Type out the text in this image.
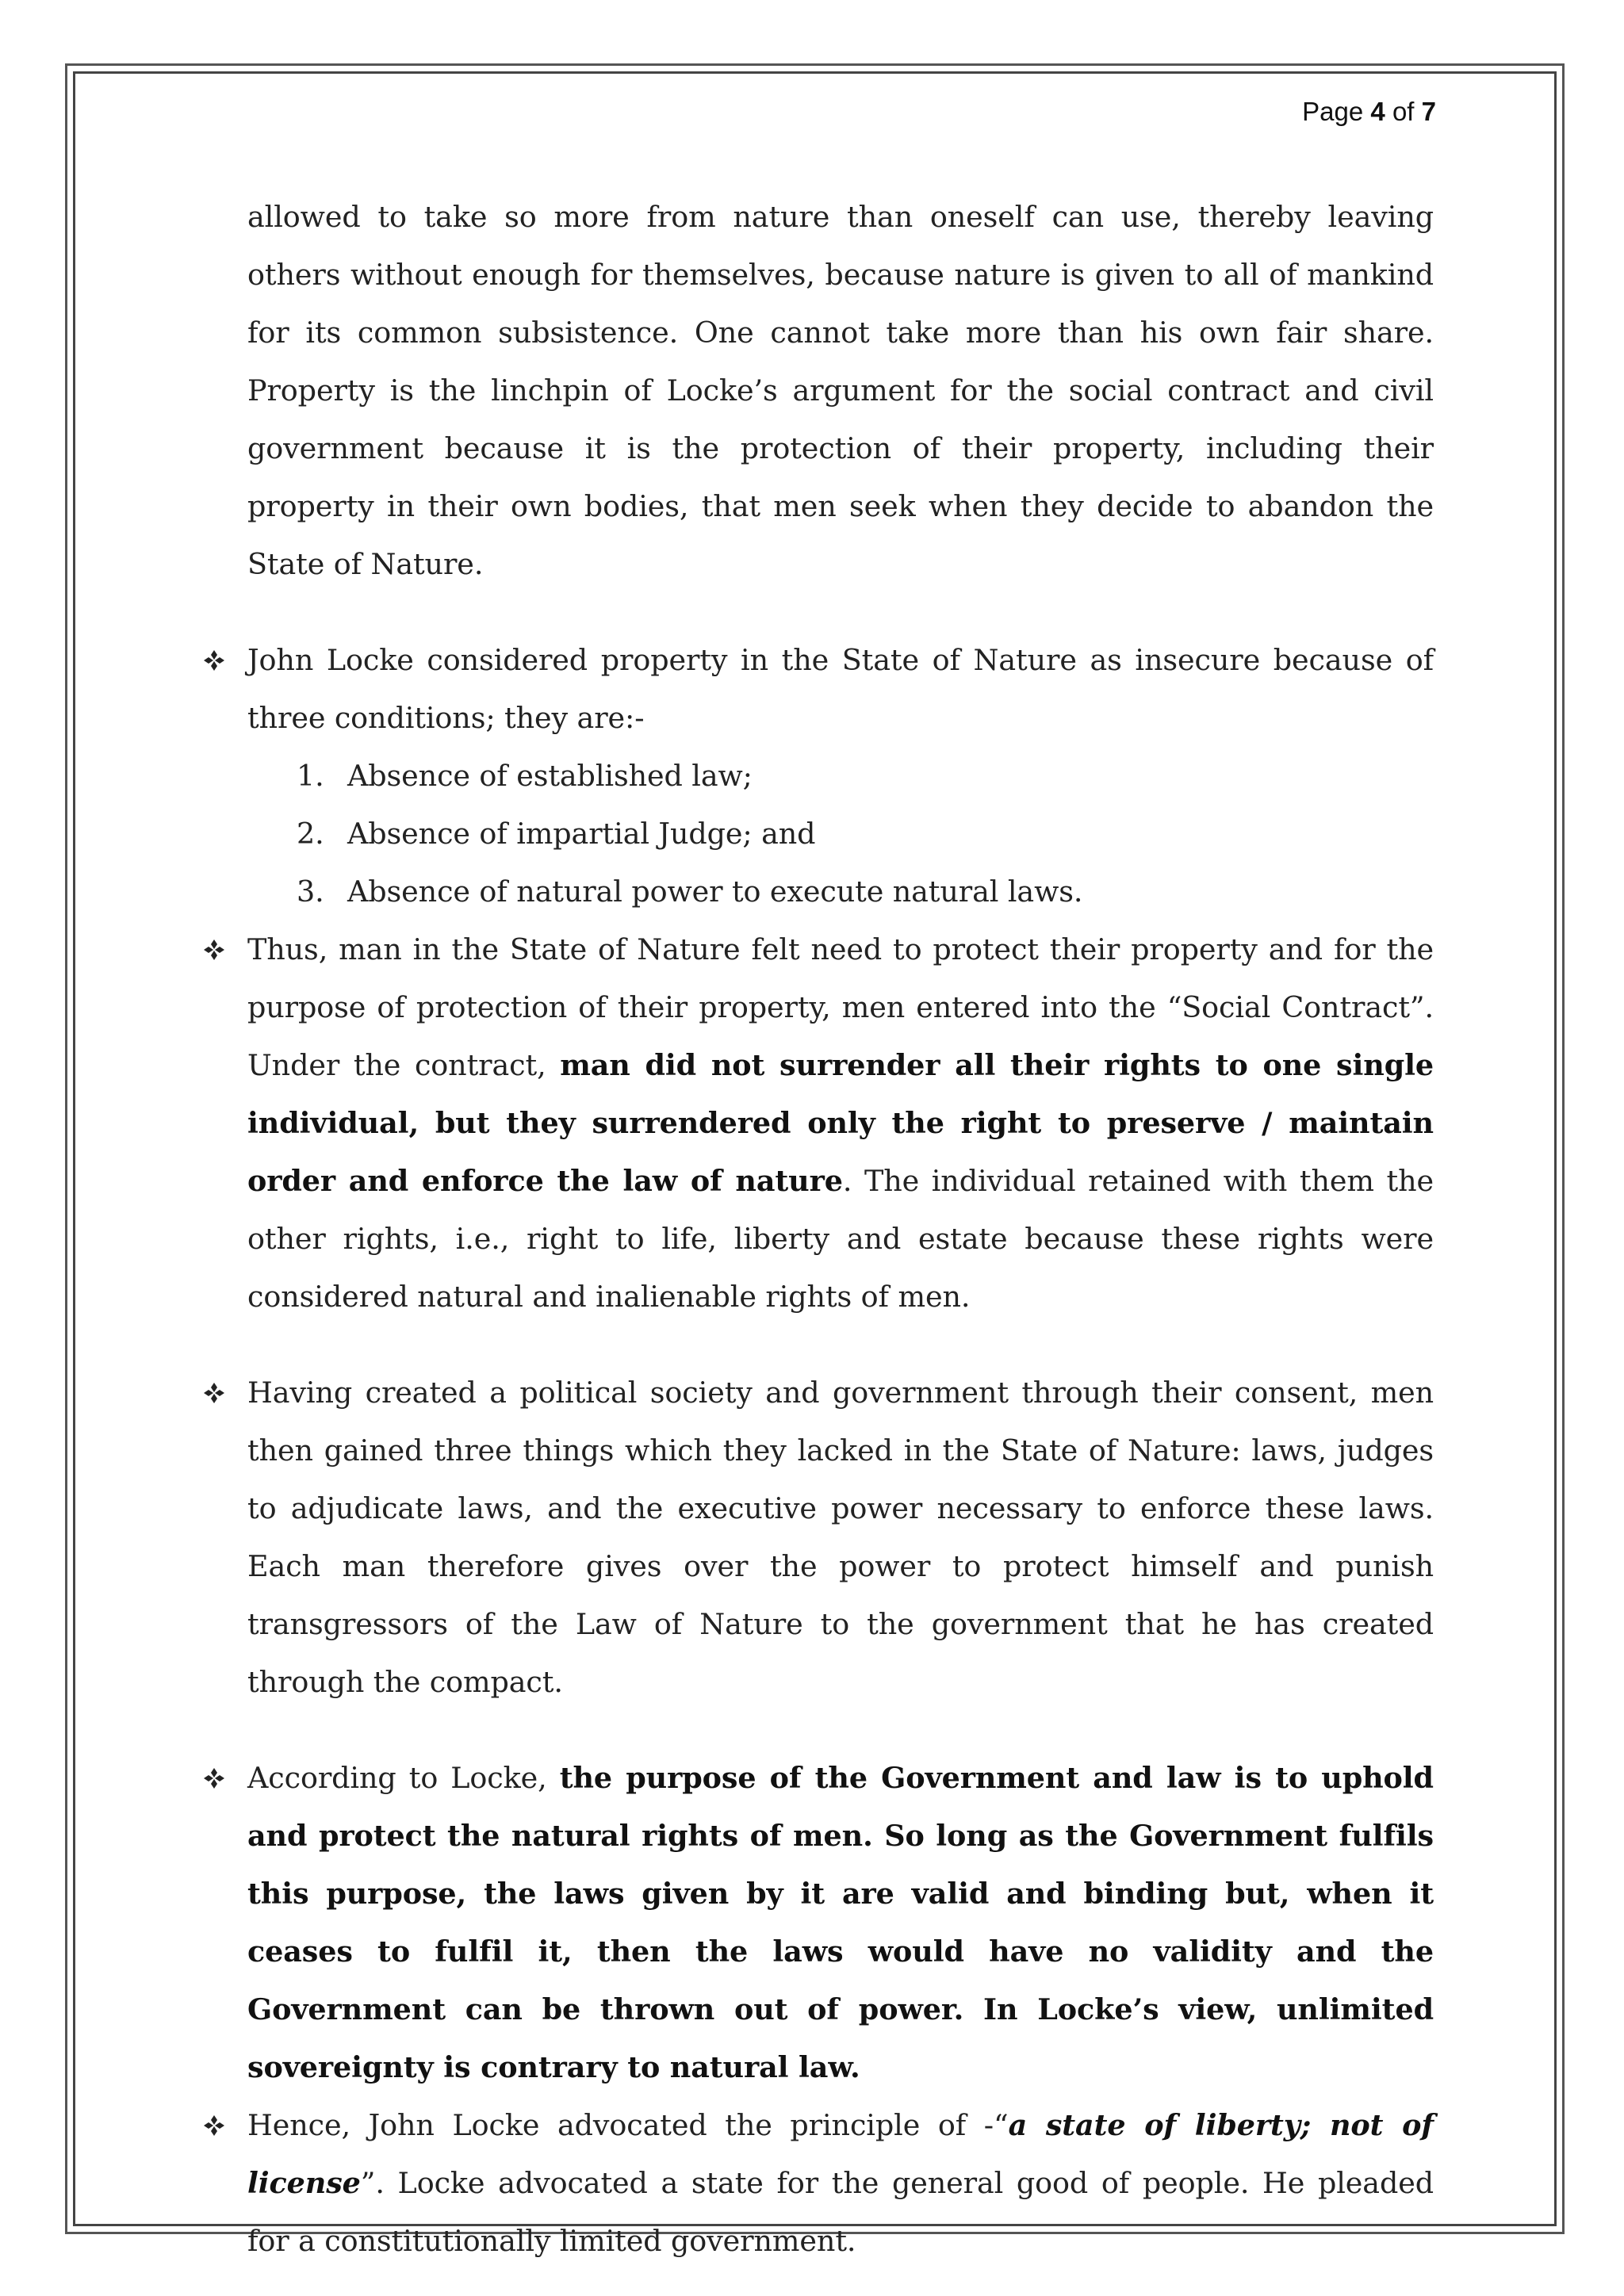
Page 4 of 7

allowed to take so more from nature than oneself can use, thereby leaving others without enough for themselves, because nature is given to all of mankind for its common subsistence. One cannot take more than his own fair share. Property is the linchpin of Locke’s argument for the social contract and civil government because it is the protection of their property, including their property in their own bodies, that men seek when they decide to abandon the State of Nature.

John Locke considered property in the State of Nature as insecure because of three conditions; they are:-

1. Absence of established law;
2. Absence of impartial Judge; and
3. Absence of natural power to execute natural laws.

Thus, man in the State of Nature felt need to protect their property and for the purpose of protection of their property, men entered into the “Social Contract”. Under the contract, man did not surrender all their rights to one single individual, but they surrendered only the right to preserve / maintain order and enforce the law of nature. The individual retained with them the other rights, i.e., right to life, liberty and estate because these rights were considered natural and inalienable rights of men.

Having created a political society and government through their consent, men then gained three things which they lacked in the State of Nature: laws, judges to adjudicate laws, and the executive power necessary to enforce these laws. Each man therefore gives over the power to protect himself and punish transgressors of the Law of Nature to the government that he has created through the compact.

According to Locke, the purpose of the Government and law is to uphold and protect the natural rights of men. So long as the Government fulfils this purpose, the laws given by it are valid and binding but, when it ceases to fulfil it, then the laws would have no validity and the Government can be thrown out of power. In Locke’s view, unlimited sovereignty is contrary to natural law.

Hence, John Locke advocated the principle of -“a state of liberty; not of license”. Locke advocated a state for the general good of people. He pleaded for a constitutionally limited government.
